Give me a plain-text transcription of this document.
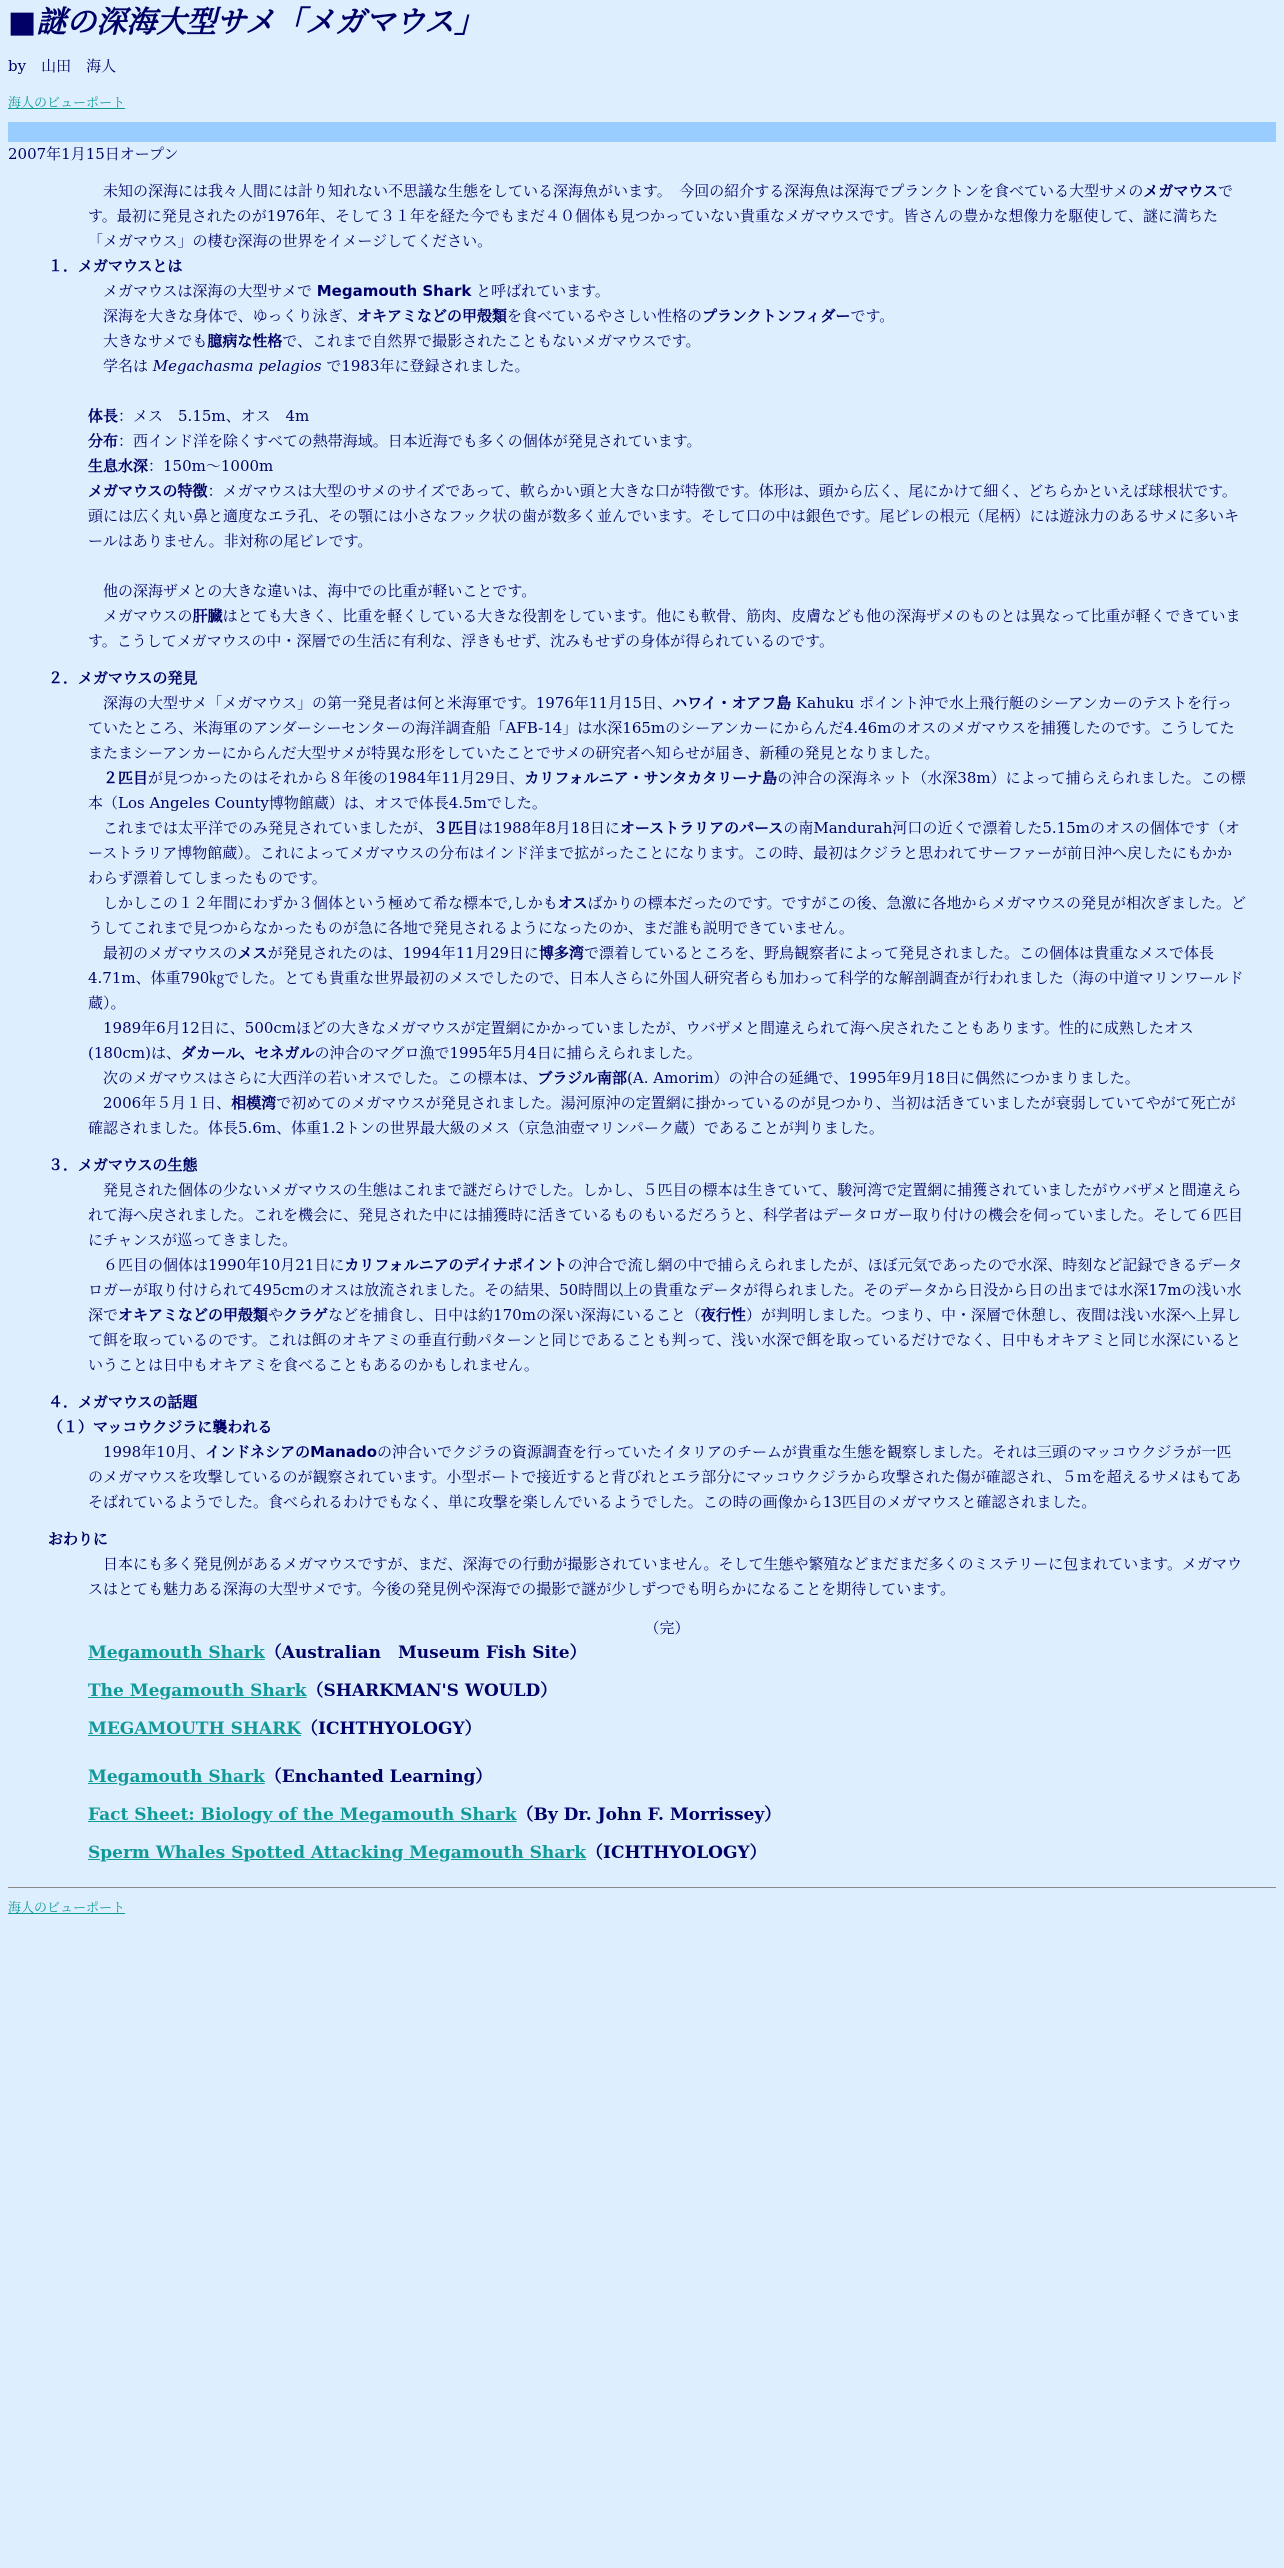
■謎の深海大型サメ「メガマウス」
by　山田　海人
海人のビューポート
2007年1月15日オープン

未知の深海には我々人間には計り知れない不思議な生態をしている深海魚がいます。　今回の紹介する深海魚は深海でプランクトンを食べている大型サメのメガマウスです。最初に発見されたのが1976年、そして３１年を経た今でもまだ４０個体も見つかっていない貴重なメガマウスです。皆さんの豊かな想像力を駆使して、謎に満ちた「メガマウス」の棲む深海の世界をイメージしてください。

１．メガマウスとは

メガマウスは深海の大型サメで Megamouth Shark と呼ばれています。

深海を大きな身体で、ゆっくり泳ぎ、オキアミなどの甲殻類を食べているやさしい性格のプランクトンフィダーです。

大きなサメでも臆病な性格で、これまで自然界で撮影されたこともないメガマウスです。

学名は Megachasma pelagios で1983年に登録されました。

体長：メス　5.15m、オス　4m
分布：西インド洋を除くすべての熱帯海域。日本近海でも多くの個体が発見されています。
生息水深：150m～1000m
メガマウスの特徴：メガマウスは大型のサメのサイズであって、軟らかい頭と大きな口が特徴です。体形は、頭から広く、尾にかけて細く、どちらかといえば球根状です。頭には広く丸い鼻と適度なエラ孔、その顎には小さなフック状の歯が数多く並んでいます。そして口の中は銀色です。尾ビレの根元（尾柄）には遊泳力のあるサメに多いキールはありません。非対称の尾ビレです。

他の深海ザメとの大きな違いは、海中での比重が軽いことです。

メガマウスの肝臓はとても大きく、比重を軽くしている大きな役割をしています。他にも軟骨、筋肉、皮膚なども他の深海ザメのものとは異なって比重が軽くできています。こうしてメガマウスの中・深層での生活に有利な、浮きもせず、沈みもせずの身体が得られているのです。

２．メガマウスの発見

深海の大型サメ「メガマウス」の第一発見者は何と米海軍です。1976年11月15日、ハワイ・オアフ島 Kahuku ポイント沖で水上飛行艇のシーアンカーのテストを行っていたところ、米海軍のアンダーシーセンターの海洋調査船「AFB-14」は水深165mのシーアンカーにからんだ4.46mのオスのメガマウスを捕獲したのです。こうしてたまたまシーアンカーにからんだ大型サメが特異な形をしていたことでサメの研究者へ知らせが届き、新種の発見となりました。

２匹目が見つかったのはそれから８年後の1984年11月29日、カリフォルニア・サンタカタリーナ島の沖合の深海ネット（水深38m）によって捕らえられました。この標本（Los Angeles County博物館蔵）は、オスで体長4.5mでした。

これまでは太平洋でのみ発見されていましたが、３匹目は1988年8月18日にオーストラリアのパースの南Mandurah河口の近くで漂着した5.15mのオスの個体です（オーストラリア博物館蔵）。これによってメガマウスの分布はインド洋まで拡がったことになります。この時、最初はクジラと思われてサーファーが前日沖へ戻したにもかかわらず漂着してしまったものです。

しかしこの１２年間にわずか３個体という極めて希な標本で,しかもオスばかりの標本だったのです。ですがこの後、急激に各地からメガマウスの発見が相次ぎました。どうしてこれまで見つからなかったものが急に各地で発見されるようになったのか、まだ誰も説明できていません。

最初のメガマウスのメスが発見されたのは、1994年11月29日に博多湾で漂着しているところを、野鳥観察者によって発見されました。この個体は貴重なメスで体長4.71m、体重790㎏でした。とても貴重な世界最初のメスでしたので、日本人さらに外国人研究者らも加わって科学的な解剖調査が行われました（海の中道マリンワールド蔵）。

1989年6月12日に、500cmほどの大きなメガマウスが定置網にかかっていましたが、ウバザメと間違えられて海へ戻されたこともあります。性的に成熟したオス(180cm)は、ダカール、セネガルの沖合のマグロ漁で1995年5月4日に捕らえられました。

次のメガマウスはさらに大西洋の若いオスでした。この標本は、ブラジル南部(A. Amorim）の沖合の延縄で、1995年9月18日に偶然につかまりました。

2006年５月１日、相模湾で初めてのメガマウスが発見されました。湯河原沖の定置網に掛かっているのが見つかり、当初は活きていましたが衰弱していてやがて死亡が確認されました。体長5.6m、体重1.2トンの世界最大級のメス（京急油壺マリンパーク蔵）であることが判りました。

３．メガマウスの生態

発見された個体の少ないメガマウスの生態はこれまで謎だらけでした。しかし、５匹目の標本は生きていて、駿河湾で定置網に捕獲されていましたがウバザメと間違えられて海へ戻されました。これを機会に、発見された中には捕獲時に活きているものもいるだろうと、科学者はデータロガー取り付けの機会を伺っていました。そして６匹目にチャンスが巡ってきました。

６匹目の個体は1990年10月21日にカリフォルニアのデイナポイントの沖合で流し網の中で捕らえられましたが、ほぼ元気であったので水深、時刻など記録できるデータロガーが取り付けられて495cmのオスは放流されました。その結果、50時間以上の貴重なデータが得られました。そのデータから日没から日の出までは水深17mの浅い水深でオキアミなどの甲殻類やクラゲなどを捕食し、日中は約170mの深い深海にいること（夜行性）が判明しました。つまり、中・深層で休憩し、夜間は浅い水深へ上昇して餌を取っているのです。これは餌のオキアミの垂直行動パターンと同じであることも判って、浅い水深で餌を取っているだけでなく、日中もオキアミと同じ水深にいるということは日中もオキアミを食べることもあるのかもしれません。

４．メガマウスの話題
（１）マッコウクジラに襲われる

1998年10月、インドネシアのManadoの沖合いでクジラの資源調査を行っていたイタリアのチームが貴重な生態を観察しました。それは三頭のマッコウクジラが一匹のメガマウスを攻撃しているのが観察されています。小型ボートで接近すると背びれとエラ部分にマッコウクジラから攻撃された傷が確認され、５ｍを超えるサメはもてあそばれているようでした。食べられるわけでもなく、単に攻撃を楽しんでいるようでした。この時の画像から13匹目のメガマウスと確認されました。

おわりに

日本にも多く発見例があるメガマウスですが、まだ、深海での行動が撮影されていません。そして生態や繁殖などまだまだ多くのミステリーに包まれています。メガマウスはとても魅力ある深海の大型サメです。今後の発見例や深海での撮影で謎が少しずつでも明らかになることを期待しています。

（完）
Megamouth Shark（Australian　Museum Fish Site）
The Megamouth Shark（SHARKMAN'S WOULD）
MEGAMOUTH SHARK（ICHTHYOLOGY）
Megamouth Shark（Enchanted Learning）
Fact Sheet: Biology of the Megamouth Shark（By Dr. John F. Morrissey）
Sperm Whales Spotted Attacking Megamouth Shark（ICHTHYOLOGY）
海人のビューポート
